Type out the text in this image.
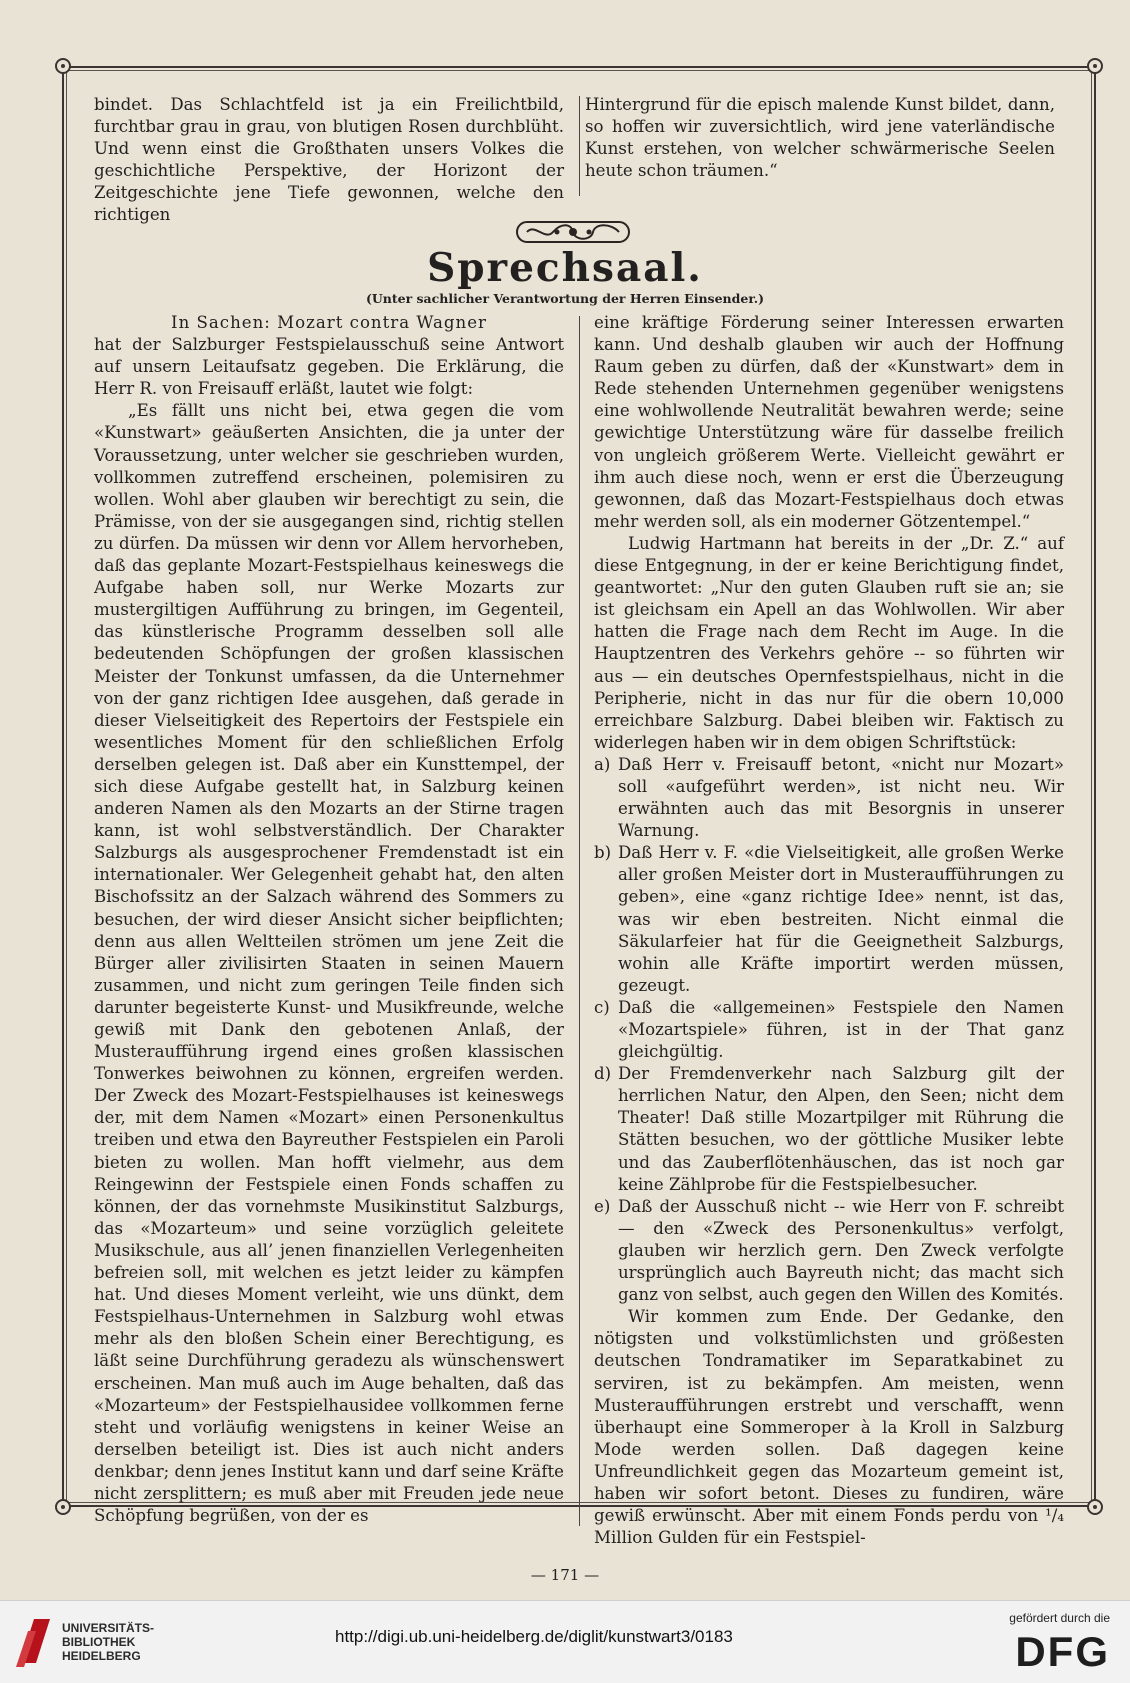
bindet. Das Schlachtfeld ist ja ein Freilichtbild, furchtbar grau in grau, von blutigen Rosen durchblüht. Und wenn einst die Großthaten unsers Volkes die geschichtliche Perspektive, der Horizont der Zeitgeschichte jene Tiefe gewonnen, welche den richtigen

Hintergrund für die episch malende Kunst bildet, dann, so hoffen wir zuversichtlich, wird jene vaterländische Kunst erstehen, von welcher schwärmerische Seelen heute schon träumen.“

Sprechsaal.
(Unter sachlicher Verantwortung der Herren Einsender.)

In Sachen: Mozart contra Wagner

hat der Salzburger Festspielausschuß seine Antwort auf unsern Leitaufsatz gegeben. Die Erklärung, die Herr R. von Freisauff erläßt, lautet wie folgt:

„Es fällt uns nicht bei, etwa gegen die vom «Kunstwart» geäußerten Ansichten, die ja unter der Voraussetzung, unter welcher sie geschrieben wurden, vollkommen zutreffend erscheinen, polemisiren zu wollen. Wohl aber glauben wir berechtigt zu sein, die Prämisse, von der sie ausgegangen sind, richtig stellen zu dürfen. Da müssen wir denn vor Allem hervorheben, daß das geplante Mozart-Festspielhaus keineswegs die Aufgabe haben soll, nur Werke Mozarts zur mustergiltigen Aufführung zu bringen, im Gegenteil, das künstlerische Programm desselben soll alle bedeutenden Schöpfungen der großen klassischen Meister der Tonkunst umfassen, da die Unternehmer von der ganz richtigen Idee ausgehen, daß gerade in dieser Vielseitigkeit des Repertoirs der Festspiele ein wesentliches Moment für den schließlichen Erfolg derselben gelegen ist. Daß aber ein Kunsttempel, der sich diese Aufgabe gestellt hat, in Salzburg keinen anderen Namen als den Mozarts an der Stirne tragen kann, ist wohl selbstverständlich. Der Charakter Salzburgs als ausgesprochener Fremdenstadt ist ein internationaler. Wer Gelegenheit gehabt hat, den alten Bischofssitz an der Salzach während des Sommers zu besuchen, der wird dieser Ansicht sicher beipflichten; denn aus allen Weltteilen strömen um jene Zeit die Bürger aller zivilisirten Staaten in seinen Mauern zusammen, und nicht zum geringen Teile finden sich darunter begeisterte Kunst- und Musikfreunde, welche gewiß mit Dank den gebotenen Anlaß, der Musteraufführung irgend eines großen klassischen Tonwerkes beiwohnen zu können, ergreifen werden. Der Zweck des Mozart-Festspielhauses ist keineswegs der, mit dem Namen «Mozart» einen Personenkultus treiben und etwa den Bayreuther Festspielen ein Paroli bieten zu wollen. Man hofft vielmehr, aus dem Reingewinn der Festspiele einen Fonds schaffen zu können, der das vornehmste Musikinstitut Salzburgs, das «Mozarteum» und seine vorzüglich geleitete Musikschule, aus all’ jenen finanziellen Verlegenheiten befreien soll, mit welchen es jetzt leider zu kämpfen hat. Und dieses Moment verleiht, wie uns dünkt, dem Festspielhaus-Unternehmen in Salzburg wohl etwas mehr als den bloßen Schein einer Berechtigung, es läßt seine Durchführung geradezu als wünschenswert erscheinen. Man muß auch im Auge behalten, daß das «Mozarteum» der Festspielhausidee vollkommen ferne steht und vorläufig wenigstens in keiner Weise an derselben beteiligt ist. Dies ist auch nicht anders denkbar; denn jenes Institut kann und darf seine Kräfte nicht zersplittern; es muß aber mit Freuden jede neue Schöpfung begrüßen, von der es

eine kräftige Förderung seiner Interessen erwarten kann. Und deshalb glauben wir auch der Hoffnung Raum geben zu dürfen, daß der «Kunstwart» dem in Rede stehenden Unternehmen gegenüber wenigstens eine wohlwollende Neutralität bewahren werde; seine gewichtige Unterstützung wäre für dasselbe freilich von ungleich größerem Werte. Vielleicht gewährt er ihm auch diese noch, wenn er erst die Überzeugung gewonnen, daß das Mozart-Festspielhaus doch etwas mehr werden soll, als ein moderner Götzentempel.“

Ludwig Hartmann hat bereits in der „Dr. Z.“ auf diese Entgegnung, in der er keine Berichtigung findet, geantwortet: „Nur den guten Glauben ruft sie an; sie ist gleichsam ein Apell an das Wohlwollen. Wir aber hatten die Frage nach dem Recht im Auge. In die Hauptzentren des Verkehrs gehöre -- so führten wir aus — ein deutsches Opernfestspielhaus, nicht in die Peripherie, nicht in das nur für die obern 10,000 erreichbare Salzburg. Dabei bleiben wir. Faktisch zu widerlegen haben wir in dem obigen Schriftstück:

a) Daß Herr v. Freisauff betont, «nicht nur Mozart» soll «aufgeführt werden», ist nicht neu. Wir erwähnten auch das mit Besorgnis in unserer Warnung.
b) Daß Herr v. F. «die Vielseitigkeit, alle großen Werke aller großen Meister dort in Musteraufführungen zu geben», eine «ganz richtige Idee» nennt, ist das, was wir eben bestreiten. Nicht einmal die Säkularfeier hat für die Geeignetheit Salzburgs, wohin alle Kräfte importirt werden müssen, gezeugt.
c) Daß die «allgemeinen» Festspiele den Namen «Mozartspiele» führen, ist in der That ganz gleichgültig.
d) Der Fremdenverkehr nach Salzburg gilt der herrlichen Natur, den Alpen, den Seen; nicht dem Theater! Daß stille Mozartpilger mit Rührung die Stätten besuchen, wo der göttliche Musiker lebte und das Zauberflötenhäuschen, das ist noch gar keine Zählprobe für die Festspielbesucher.
e) Daß der Ausschuß nicht -- wie Herr von F. schreibt — den «Zweck des Personenkultus» verfolgt, glauben wir herzlich gern. Den Zweck verfolgte ursprünglich auch Bayreuth nicht; das macht sich ganz von selbst, auch gegen den Willen des Komités.

Wir kommen zum Ende. Der Gedanke, den nötigsten und volkstümlichsten und größesten deutschen Tondramatiker im Separatkabinet zu serviren, ist zu bekämpfen. Am meisten, wenn Musteraufführungen erstrebt und verschafft, wenn überhaupt eine Sommeroper à la Kroll in Salzburg Mode werden sollen. Daß dagegen keine Unfreundlichkeit gegen das Mozarteum gemeint ist, haben wir sofort betont. Dieses zu fundiren, wäre gewiß erwünscht. Aber mit einem Fonds perdu von ¹/₄ Million Gulden für ein Festspiel-

— 171 —
UNIVERSITÄTS-
BIBLIOTHEK
HEIDELBERG
http://digi.ub.uni-heidelberg.de/diglit/kunstwart3/0183
gefördert durch die
DFG
